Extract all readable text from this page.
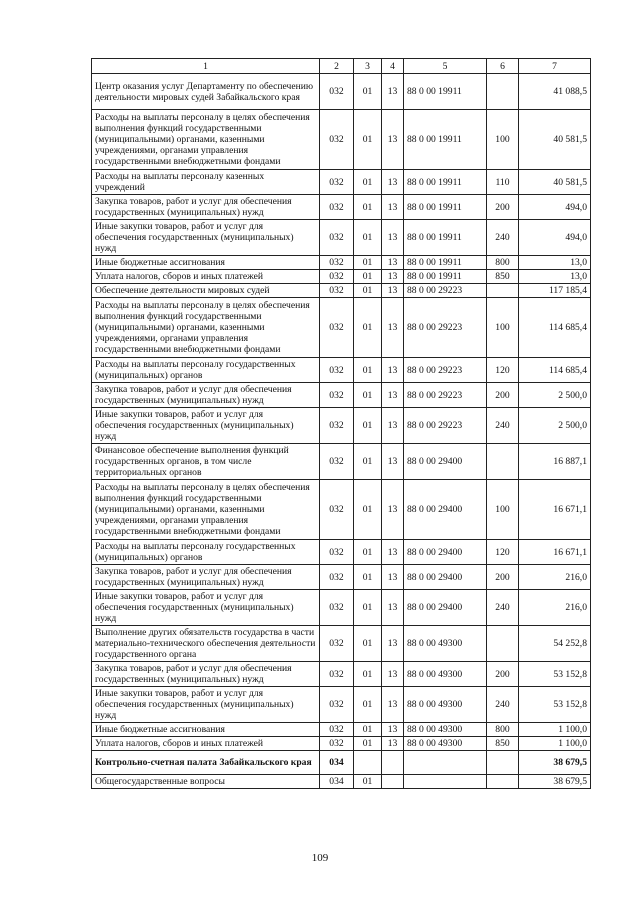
1	2	3	4	5	6	7
Центр оказания услуг Департаменту по обеспечению деятельности мировых судей Забайкальского края	032	01	13	88 0 00 19911		41 088,5
Расходы на выплаты персоналу в целях обеспечения выполнения функций государственными (муниципальными) органами, казенными учреждениями, органами управления государственными внебюджетными фондами	032	01	13	88 0 00 19911	100	40 581,5
Расходы на выплаты персоналу казенных учреждений	032	01	13	88 0 00 19911	110	40 581,5
Закупка товаров, работ и услуг для обеспечения государственных (муниципальных) нужд	032	01	13	88 0 00 19911	200	494,0
Иные закупки товаров, работ и услуг для обеспечения государственных (муниципальных) нужд	032	01	13	88 0 00 19911	240	494,0
Иные бюджетные ассигнования	032	01	13	88 0 00 19911	800	13,0
Уплата налогов, сборов и иных платежей	032	01	13	88 0 00 19911	850	13,0
Обеспечение деятельности мировых судей	032	01	13	88 0 00 29223		117 185,4
Расходы на выплаты персоналу в целях обеспечения выполнения функций государственными (муниципальными) органами, казенными учреждениями, органами управления государственными внебюджетными фондами	032	01	13	88 0 00 29223	100	114 685,4
Расходы на выплаты персоналу государственных (муниципальных) органов	032	01	13	88 0 00 29223	120	114 685,4
Закупка товаров, работ и услуг для обеспечения государственных (муниципальных) нужд	032	01	13	88 0 00 29223	200	2 500,0
Иные закупки товаров, работ и услуг для обеспечения государственных (муниципальных) нужд	032	01	13	88 0 00 29223	240	2 500,0
Финансовое обеспечение выполнения функций государственных органов, в том числе территориальных органов	032	01	13	88 0 00 29400		16 887,1
Расходы на выплаты персоналу в целях обеспечения выполнения функций государственными (муниципальными) органами, казенными учреждениями, органами управления государственными внебюджетными фондами	032	01	13	88 0 00 29400	100	16 671,1
Расходы на выплаты персоналу государственных (муниципальных) органов	032	01	13	88 0 00 29400	120	16 671,1
Закупка товаров, работ и услуг для обеспечения государственных (муниципальных) нужд	032	01	13	88 0 00 29400	200	216,0
Иные закупки товаров, работ и услуг для обеспечения государственных (муниципальных) нужд	032	01	13	88 0 00 29400	240	216,0
Выполнение других обязательств государства в части материально-технического обеспечения деятельности государственного органа	032	01	13	88 0 00 49300		54 252,8
Закупка товаров, работ и услуг для обеспечения государственных (муниципальных) нужд	032	01	13	88 0 00 49300	200	53 152,8
Иные закупки товаров, работ и услуг для обеспечения государственных (муниципальных) нужд	032	01	13	88 0 00 49300	240	53 152,8
Иные бюджетные ассигнования	032	01	13	88 0 00 49300	800	1 100,0
Уплата налогов, сборов и иных платежей	032	01	13	88 0 00 49300	850	1 100,0
Контрольно-счетная палата Забайкальского края	034					38 679,5
Общегосударственные вопросы	034	01				38 679,5
109
